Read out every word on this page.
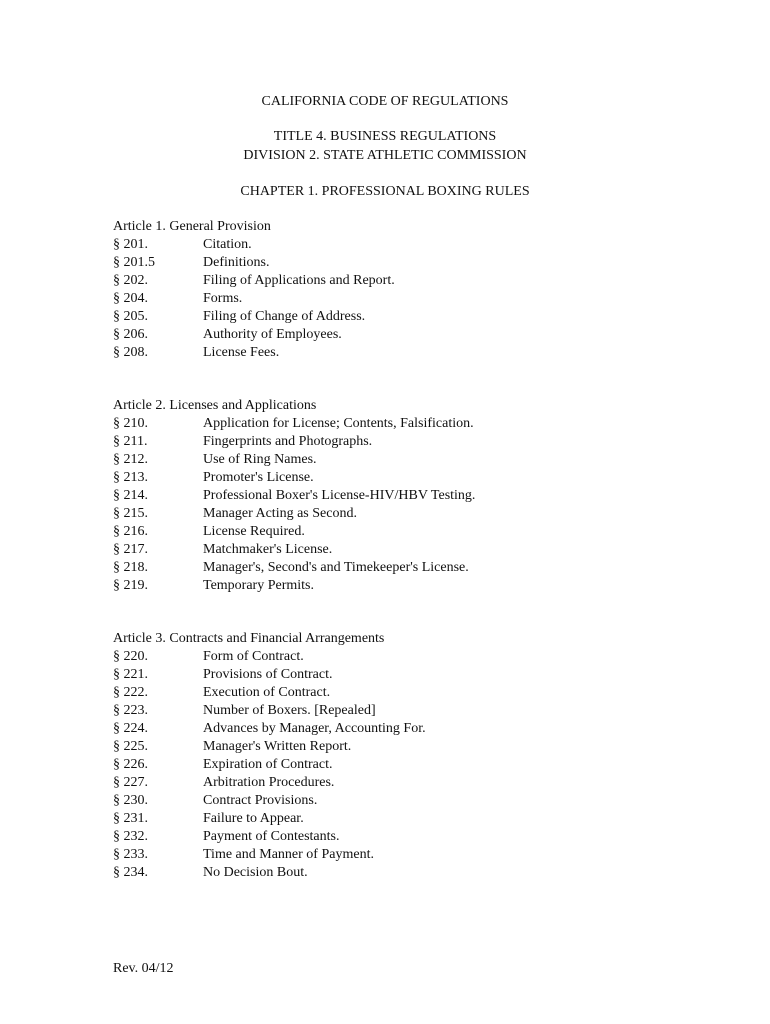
CALIFORNIA CODE OF REGULATIONS
TITLE 4. BUSINESS REGULATIONS
DIVISION 2. STATE ATHLETIC COMMISSION
CHAPTER 1. PROFESSIONAL BOXING RULES
Article 1. General Provision
§ 201.	Citation.
§ 201.5	Definitions.
§ 202.	Filing of Applications and Report.
§ 204.	Forms.
§ 205.	Filing of Change of Address.
§ 206.	Authority of Employees.
§ 208.	License Fees.
Article 2. Licenses and Applications
§ 210.	Application for License; Contents, Falsification.
§ 211.	Fingerprints and Photographs.
§ 212.	Use of Ring Names.
§ 213.	Promoter's License.
§ 214.	Professional Boxer's License-HIV/HBV Testing.
§ 215.	Manager Acting as Second.
§ 216.	License Required.
§ 217.	Matchmaker's License.
§ 218.	Manager's, Second's and Timekeeper's License.
§ 219.	Temporary Permits.
Article 3. Contracts and Financial Arrangements
§ 220.	Form of Contract.
§ 221.	Provisions of Contract.
§ 222.	Execution of Contract.
§ 223.	Number of Boxers. [Repealed]
§ 224.	Advances by Manager, Accounting For.
§ 225.	Manager's Written Report.
§ 226.	Expiration of Contract.
§ 227.	Arbitration Procedures.
§ 230.	Contract Provisions.
§ 231.	Failure to Appear.
§ 232.	Payment of Contestants.
§ 233.	Time and Manner of Payment.
§ 234.	No Decision Bout.
Rev. 04/12
